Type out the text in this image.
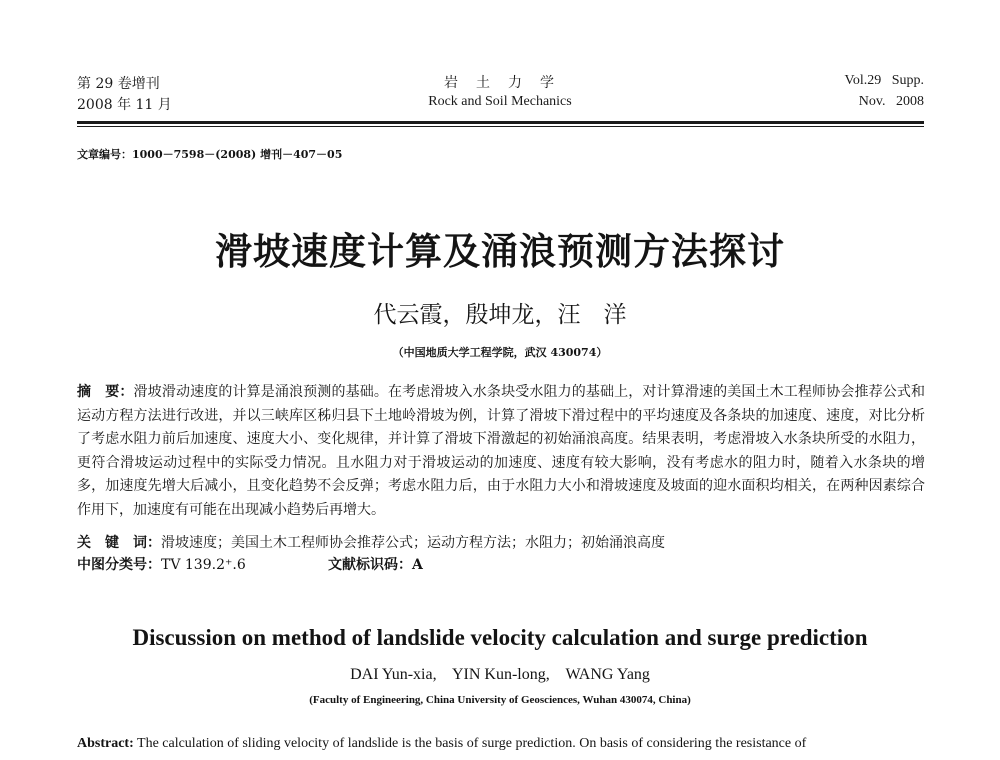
第 29 卷增刊
2008 年 11 月
岩　土　力　学
Rock and Soil Mechanics
Vol.29   Supp.
Nov.   2008
文章编号：1000－7598－(2008) 增刊－407－05
滑坡速度计算及涌浪预测方法探讨
代云霞，殷坤龙，汪　洋
（中国地质大学工程学院，武汉 430074）
摘　要：滑坡滑动速度的计算是涌浪预测的基础。在考虑滑坡入水条块受水阻力的基础上，对计算滑速的美国土木工程师协会推荐公式和运动方程方法进行改进，并以三峡库区秭归县下土地岭滑坡为例，计算了滑坡下滑过程中的平均速度及各条块的加速度、速度，对比分析了考虑水阻力前后加速度、速度大小、变化规律，并计算了滑坡下滑激起的初始涌浪高度。结果表明，考虑滑坡入水条块所受的水阻力，更符合滑坡运动过程中的实际受力情况。且水阻力对于滑坡运动的加速度、速度有较大影响，没有考虑水的阻力时，随着入水条块的增多，加速度先增大后减小，且变化趋势不会反弹；考虑水阻力后，由于水阻力大小和滑坡速度及坡面的迎水面积均相关，在两种因素综合作用下，加速度有可能在出现减小趋势后再增大。
关　键　词：滑坡速度；美国土木工程师协会推荐公式；运动方程方法；水阻力；初始涌浪高度
中图分类号：TV 139.2⁺.6	文献标识码：A
Discussion on method of landslide velocity calculation and surge prediction
DAI Yun-xia,    YIN Kun-long,    WANG Yang
(Faculty of Engineering, China University of Geosciences, Wuhan 430074, China)
Abstract: The calculation of sliding velocity of landslide is the basis of surge prediction. On basis of considering the resistance of
